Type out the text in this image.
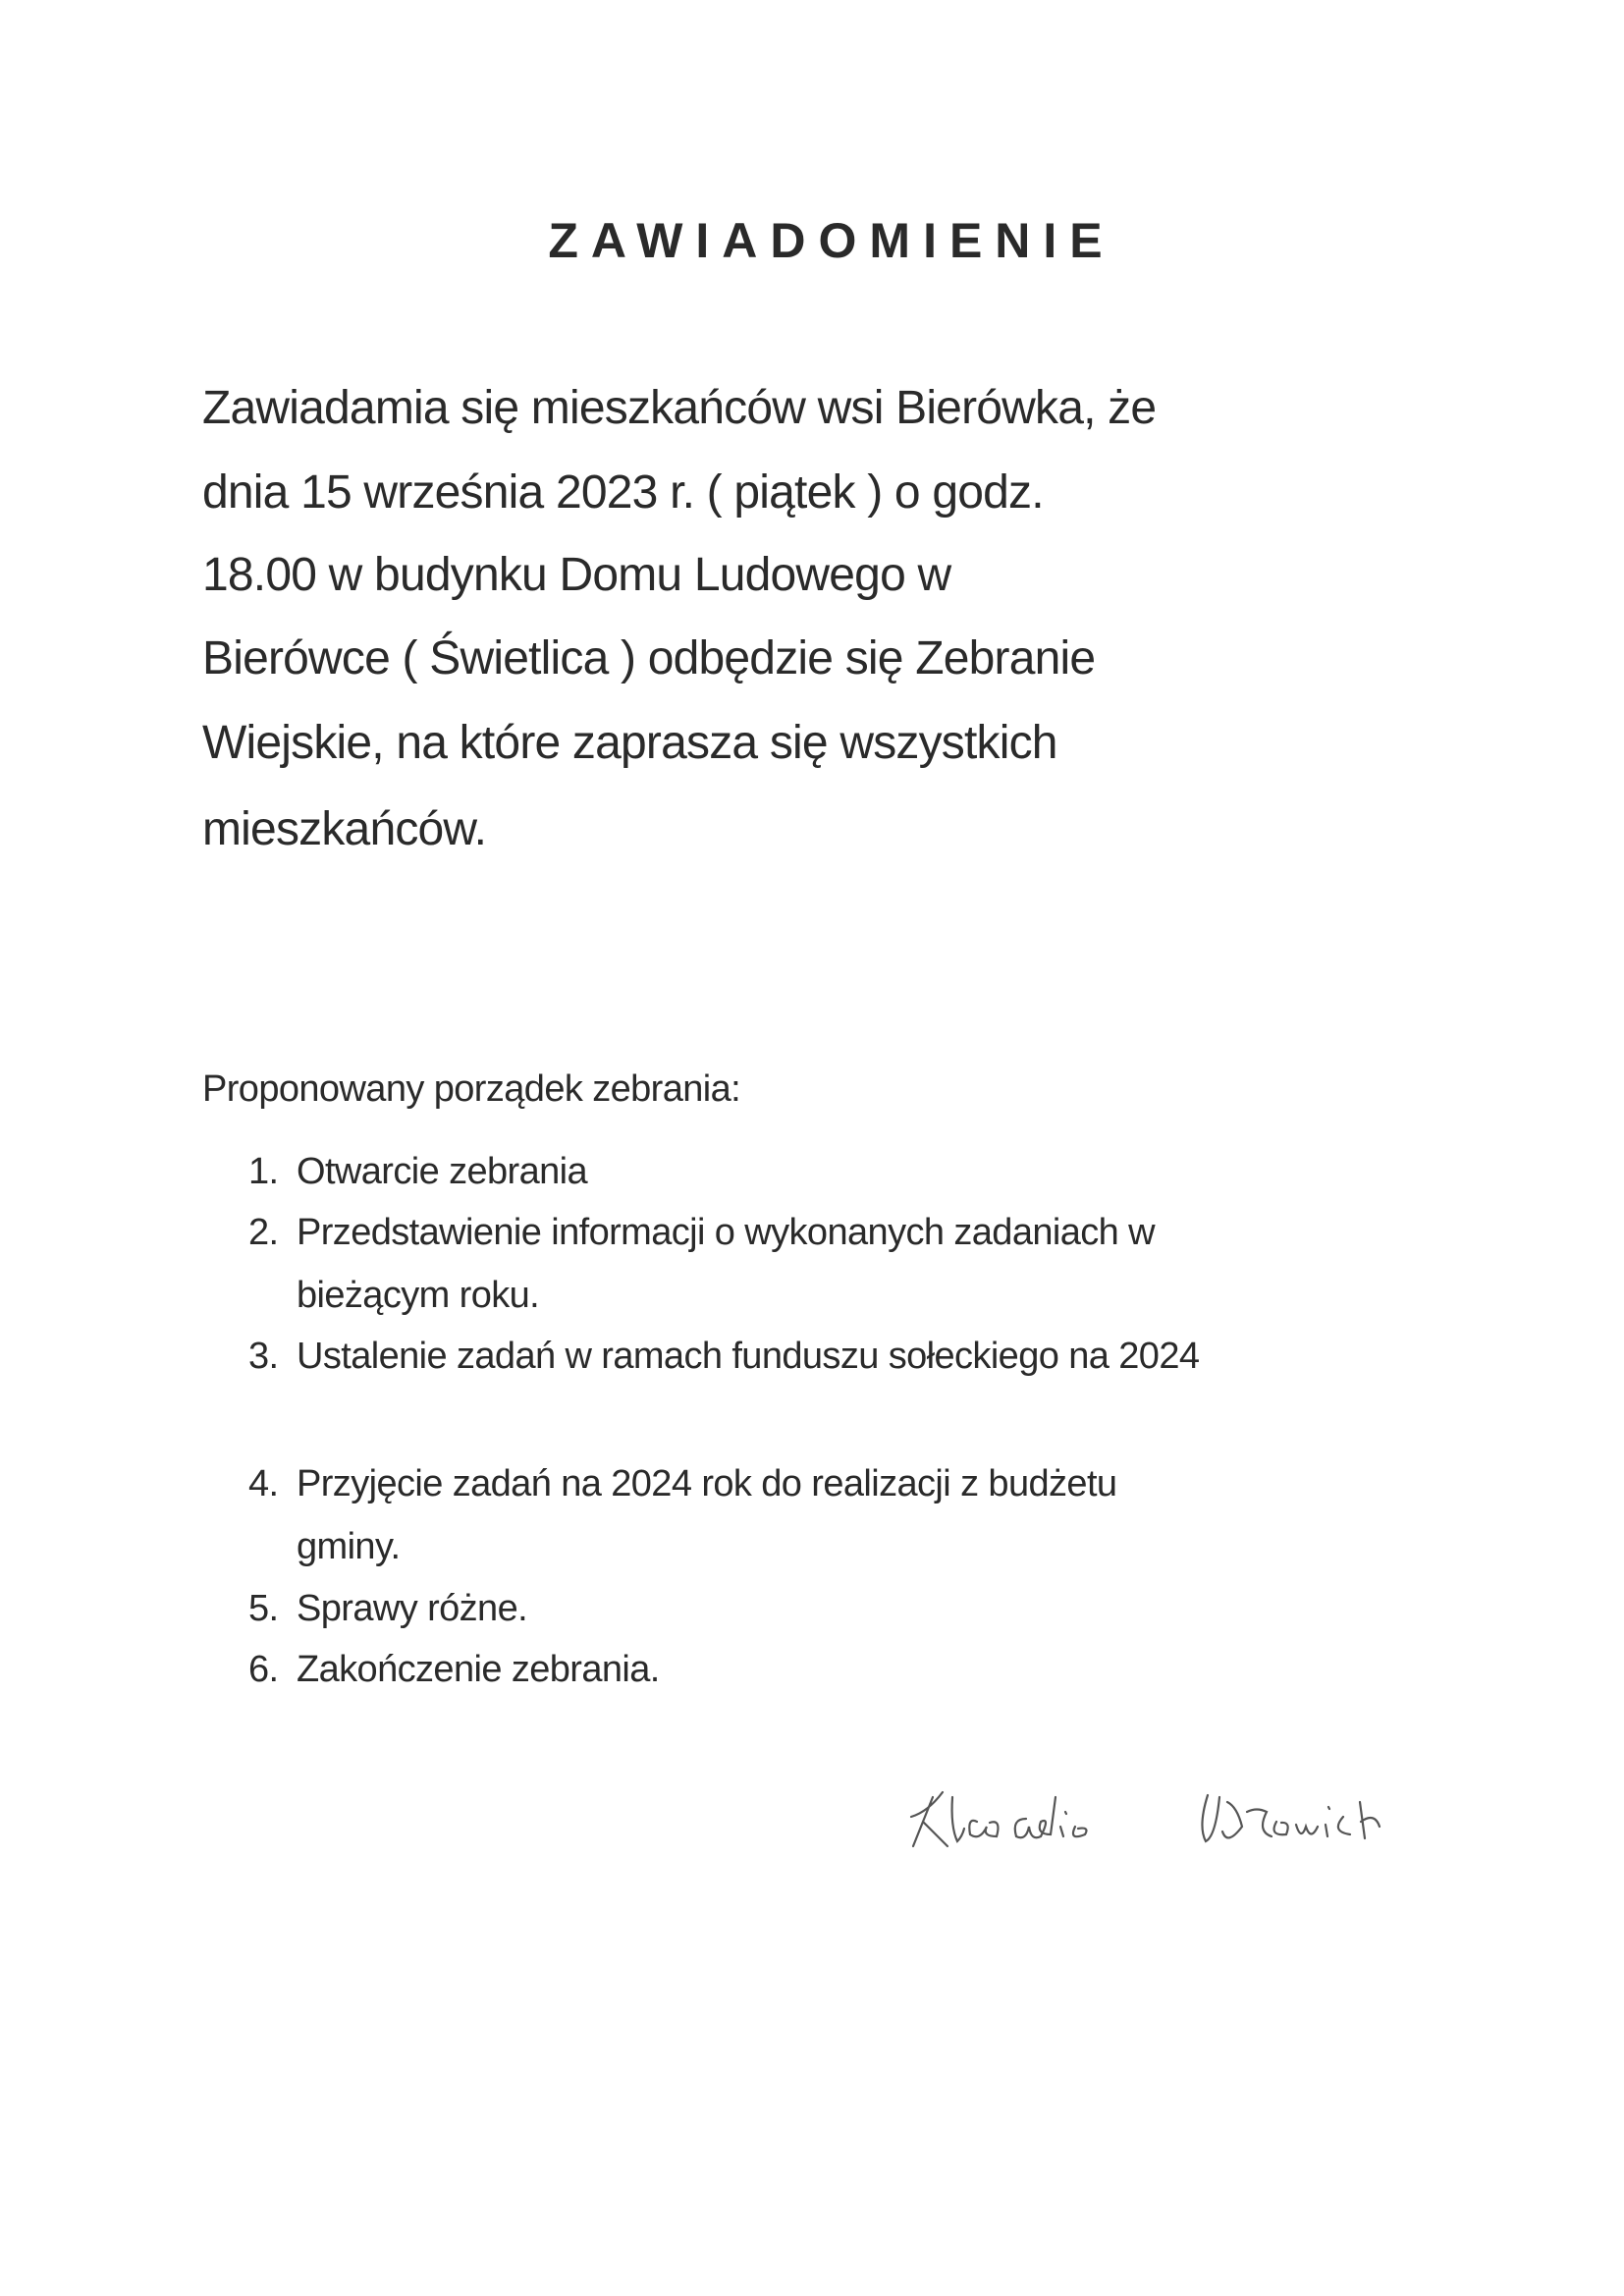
ZAWIADOMIENIE
Zawiadamia się mieszkańców wsi Bierówka, że
dnia 15 września 2023 r. ( piątek ) o godz.
18.00 w budynku Domu Ludowego w
Bierówce ( Świetlica ) odbędzie się Zebranie
Wiejskie, na które zaprasza się wszystkich
mieszkańców.
Proponowany porządek zebrania:
1. Otwarcie zebrania
2. Przedstawienie informacji o wykonanych zadaniach w
bieżącym roku.
3. Ustalenie zadań w ramach funduszu sołeckiego na 2024
4. Przyjęcie zadań na 2024 rok do realizacji z budżetu
gminy.
5. Sprawy różne.
6. Zakończenie zebrania.
